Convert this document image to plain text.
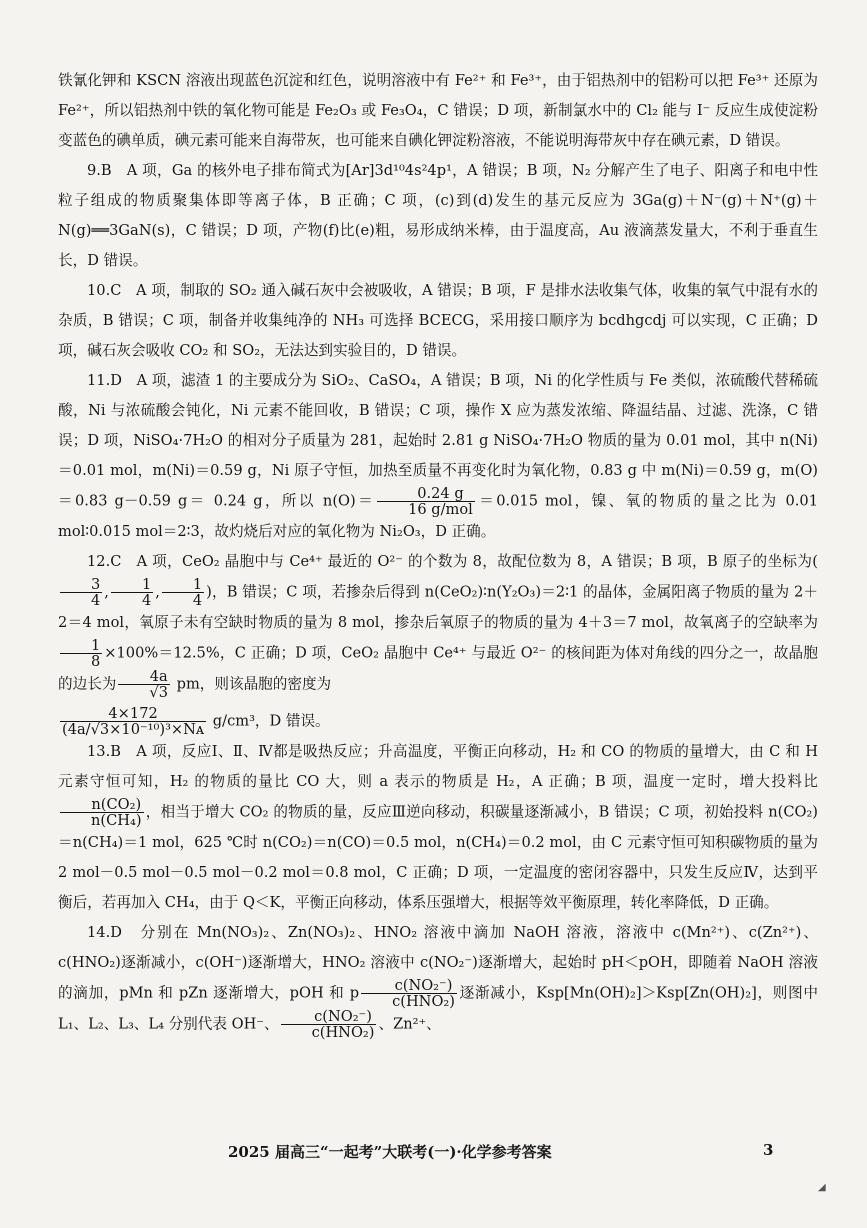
铁氰化钾和 KSCN 溶液出现蓝色沉淀和红色，说明溶液中有 Fe²⁺ 和 Fe³⁺，由于铝热剂中的铝粉可以把 Fe³⁺ 还原为 Fe²⁺，所以铝热剂中铁的氧化物可能是 Fe₂O₃ 或 Fe₃O₄，C 错误；D 项，新制氯水中的 Cl₂ 能与 I⁻ 反应生成使淀粉变蓝色的碘单质，碘元素可能来自海带灰，也可能来自碘化钾淀粉溶液，不能说明海带灰中存在碘元素，D 错误。

9.B　A 项，Ga 的核外电子排布简式为[Ar]3d¹⁰4s²4p¹，A 错误；B 项，N₂ 分解产生了电子、阳离子和电中性粒子组成的物质聚集体即等离子体，B 正确；C 项，(c)到(d)发生的基元反应为 3Ga(g)＋N⁻(g)＋N⁺(g)＋N(g)══3GaN(s)，C 错误；D 项，产物(f)比(e)粗，易形成纳米棒，由于温度高，Au 液滴蒸发量大，不利于垂直生长，D 错误。

10.C　A 项，制取的 SO₂ 通入碱石灰中会被吸收，A 错误；B 项，F 是排水法收集气体，收集的氧气中混有水的杂质，B 错误；C 项，制备并收集纯净的 NH₃ 可选择 BCECG，采用接口顺序为 bcdhgcdj 可以实现，C 正确；D 项，碱石灰会吸收 CO₂ 和 SO₂，无法达到实验目的，D 错误。

11.D　A 项，滤渣 1 的主要成分为 SiO₂、CaSO₄，A 错误；B 项，Ni 的化学性质与 Fe 类似，浓硫酸代替稀硫酸，Ni 与浓硫酸会钝化，Ni 元素不能回收，B 错误；C 项，操作 X 应为蒸发浓缩、降温结晶、过滤、洗涤，C 错误；D 项，NiSO₄·7H₂O 的相对分子质量为 281，起始时 2.81 g NiSO₄·7H₂O 物质的量为 0.01 mol，其中 n(Ni)＝0.01 mol，m(Ni)＝0.59 g，Ni 原子守恒，加热至质量不再变化时为氧化物，0.83 g 中 m(Ni)＝0.59 g，m(O)＝0.83 g－0.59 g＝ 0.24 g，所以 $n(O)= \frac{0.24 g}{\text{16 g/mol}} =0.015$ mol，镍、氧的物质的量之比为 0.01 mol∶0.015 mol＝2∶3，故灼烧后对应的氧化物为 Ni₂O₃，D 正确。

12.C　A 项，CeO₂ 晶胞中与 Ce⁴⁺ 最近的 O²⁻ 的个数为 8，故配位数为 8，A 错误；B 项，B 原子的坐标为(
$\frac{3}{4}$ , $\frac{1}{4}$ , $\frac{1}{4}$ )，B 错误；C 项，若掺杂后得到 n(CeO₂)∶n(Y₂O₃)＝2∶1 的晶体，金属阳离子物质的量为 2＋2＝4 mol，氧原子未有空缺时物质的量为 8 mol，掺杂后氧原子的物质的量为 4＋3＝7 mol，故氧离子的空缺率为
$\frac{1}{8} \times 100\%=12.5\%$，C 正确；D 项，CeO₂ 晶胞中 Ce⁴⁺ 与最近 O²⁻ 的核间距为体对角线的四分之一，故晶胞的边长为 $\frac{4a}{√3}$ pm，则该晶胞的密度为

$\frac{4\times 172}{\text{(4a/√3×10⁻¹⁰)³×Nᴀ}} g/cm^3$，D 错误。

13.B　A 项，反应Ⅰ、Ⅱ、Ⅳ都是吸热反应；升高温度，平衡正向移动，H₂ 和 CO 的物质的量增大，由 C 和 H 元素守恒可知，H₂ 的物质的量比 CO 大，则 a 表示的物质是 H₂，A 正确；B 项，温度一定时，增大投料比
$\frac{\text{n(CO₂)}}{\text{n(CH₄)}}$ ，相当于增大 CO₂ 的物质的量，反应Ⅲ逆向移动，积碳量逐渐减小，B 错误；C 项，初始投料 n(CO₂)＝n(CH₄)＝1 mol，625 ℃时 n(CO₂)＝n(CO)＝0.5 mol，n(CH₄)＝0.2 mol，由 C 元素守恒可知积碳物质的量为 2 mol－0.5 mol－0.5 mol－0.2 mol＝0.8 mol，C 正确；D 项，一定温度的密闭容器中，只发生反应Ⅳ，达到平衡后，若再加入 CH₄，由于 Q＜K，平衡正向移动，体系压强增大，根据等效平衡原理，转化率降低，D 正确。

14.D　分别在 Mn(NO₃)₂、Zn(NO₃)₂、HNO₂ 溶液中滴加 NaOH 溶液，溶液中 c(Mn²⁺)、c(Zn²⁺)、c(HNO₂)逐渐减小，c(OH⁻)逐渐增大，HNO₂ 溶液中 c(NO₂⁻)逐渐增大，起始时 pH＜pOH，即随着 NaOH 溶液的滴加，pMn 和 pZn 逐渐增大，pOH 和 p $\frac{\text{c(NO₂⁻)}}{\text{c(HNO₂)}}$ 逐渐减小，Ksp[Mn(OH)₂]＞Ksp[Zn(OH)₂]，则图中 L₁、L₂、L₃、L₄ 分别代表 OH⁻、 $\frac{\text{c(NO₂⁻)}}{\text{c(HNO₂)}}$ 、Zn²⁺、

2025 届高三“一起考”大联考(一)·化学参考答案	3
◢
